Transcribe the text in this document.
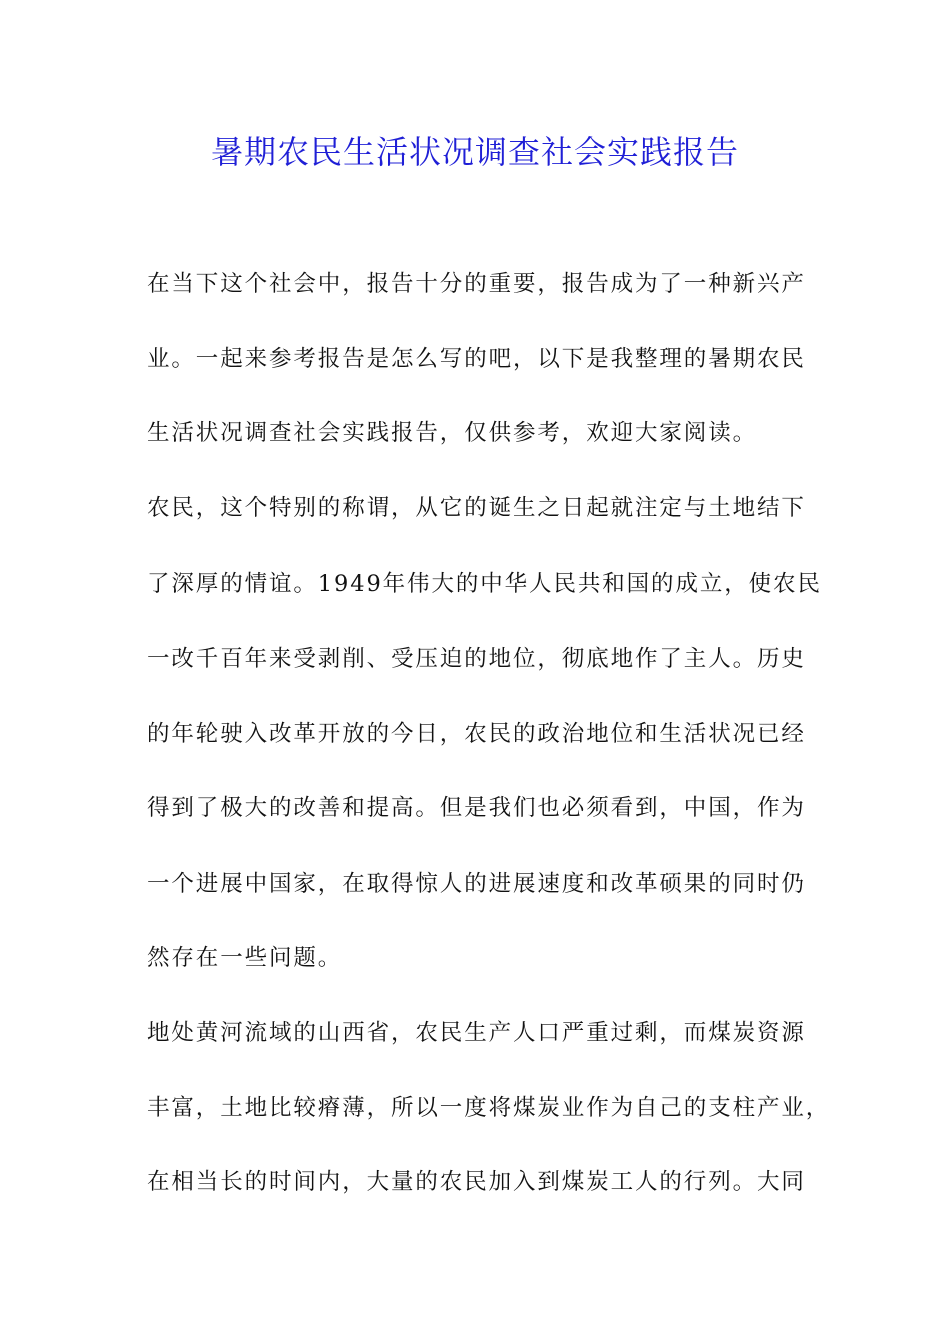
暑期农民生活状况调查社会实践报告
在当下这个社会中，报告十分的重要，报告成为了一种新兴产
业。一起来参考报告是怎么写的吧，以下是我整理的暑期农民
生活状况调查社会实践报告，仅供参考，欢迎大家阅读。
农民，这个特别的称谓，从它的诞生之日起就注定与土地结下
了深厚的情谊。1949年伟大的中华人民共和国的成立，使农民
一改千百年来受剥削、受压迫的地位，彻底地作了主人。历史
的年轮驶入改革开放的今日，农民的政治地位和生活状况已经
得到了极大的改善和提高。但是我们也必须看到，中国，作为
一个进展中国家，在取得惊人的进展速度和改革硕果的同时仍
然存在一些问题。
地处黄河流域的山西省，农民生产人口严重过剩，而煤炭资源
丰富，土地比较瘠薄，所以一度将煤炭业作为自己的支柱产业，
在相当长的时间内，大量的农民加入到煤炭工人的行列。大同
